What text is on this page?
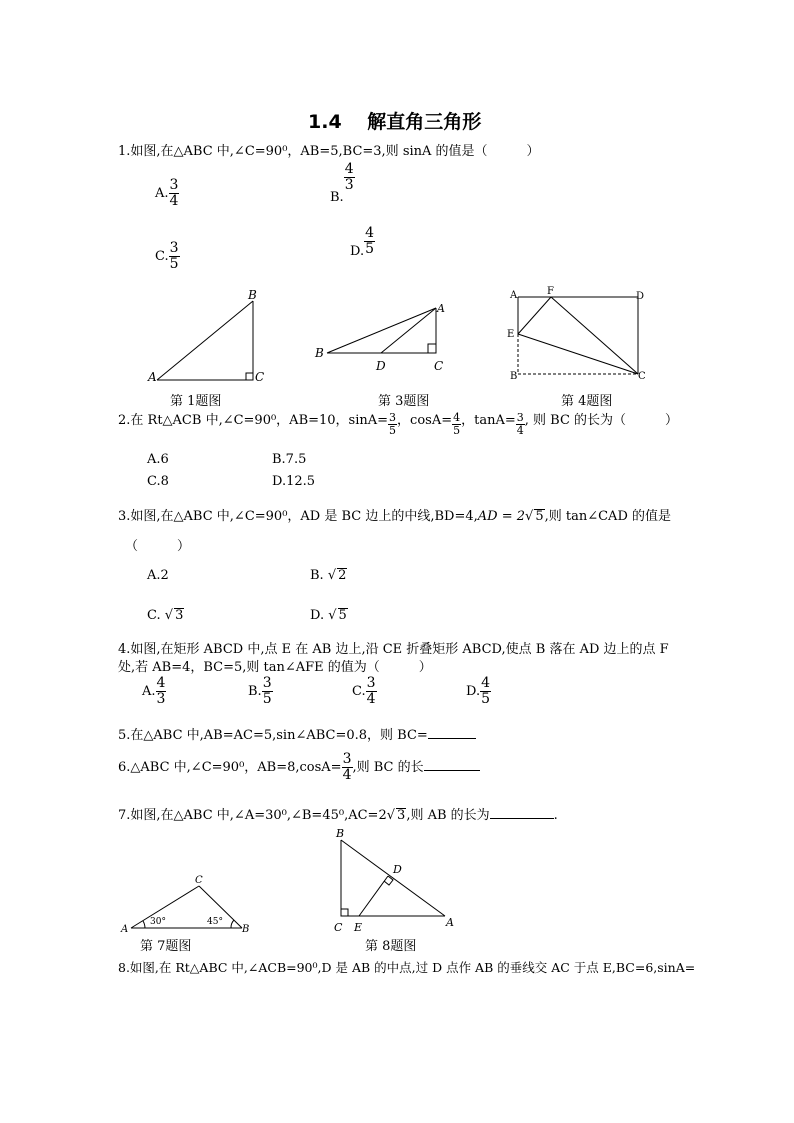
1.4　 解直角三角形
1.如图,在△ABC 中,∠C=90⁰，AB=5,BC=3,则 sinA 的值是（　　　）
A. $\frac{3}{4}$	B.
$\frac{4}{3}$
C. $\frac{3}{5}$	D. $\frac{4}{5}$
A
B
C
第 1题图
B
A
D	C
第 3题图
A	F	D
E
B	C
第 4题图
2.在 Rt△ACB 中,∠C=90⁰，AB=10，$\sin A= \frac{3}{5}$ ，$\cos A= \frac{4}{5}$ ，$\tan A= \frac{3}{4}$ , 则 BC 的长为（　　　）
A.6	B.7.5
C.8	D.12.5
3.如图,在△ABC 中,∠C=90⁰，AD 是 BC 边上的中线,BD=4,AD = 2√ 5,则 tan∠CAD 的值是
（　　　）
A.2	B. √ 2
C. √ 3	D. √ 5
4.如图,在矩形 ABCD 中,点 E 在 AB 边上,沿 CE 折叠矩形 ABCD,使点 B 落在 AD 边上的点 F
处,若 AB=4，BC=5,则 tan∠AFE 的值为（　　　）
A. $\frac{4}{3}$	B. $\frac{3}{5}$	C. $\frac{3}{4}$	D. $\frac{4}{5}$
5.在△ABC 中,AB=AC=5,sin∠ABC=0.8，则 BC=
6.△ABC 中,∠C=90⁰，$AB=8,\cos A= \frac{3}{4}$ ,则 BC 的长
7.如图,在△ABC 中,∠A=30⁰,∠B=45⁰,AC=2√ 3,则 AB 的长为	.
A
C
B
30°	45°
第 7题图
B
D
C E	A
第 8题图
8.如图,在 Rt△ABC 中,∠ACB=90⁰,D 是 AB 的中点,过 D 点作 AB 的垂线交 AC 于点 E,BC=6,sinA=
